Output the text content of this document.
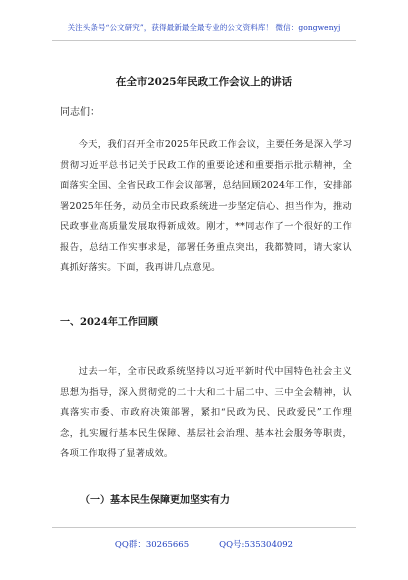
关注头条号“公文研究”，获得最新最全最专业的公文资料库！ 微信：gongwenyj
在全市2025年民政工作会议上的讲话
同志们：
今天，我们召开全市2025年民政工作会议，主要任务是深入学习贯彻习近平总书记关于民政工作的重要论述和重要指示批示精神，全面落实全国、全省民政工作会议部署，总结回顾2024年工作，安排部署2025年任务，动员全市民政系统进一步坚定信心、担当作为，推动民政事业高质量发展取得新成效。刚才，**同志作了一个很好的工作报告，总结工作实事求是，部署任务重点突出，我都赞同，请大家认真抓好落实。下面，我再讲几点意见。
一、2024年工作回顾
过去一年，全市民政系统坚持以习近平新时代中国特色社会主义思想为指导，深入贯彻党的二十大和二十届二中、三中全会精神，认真落实市委、市政府决策部署，紧扣“民政为民、民政爱民”工作理念，扎实履行基本民生保障、基层社会治理、基本社会服务等职责，各项工作取得了显著成效。
（一）基本民生保障更加坚实有力
QQ群：30265665	QQ号:535304092
